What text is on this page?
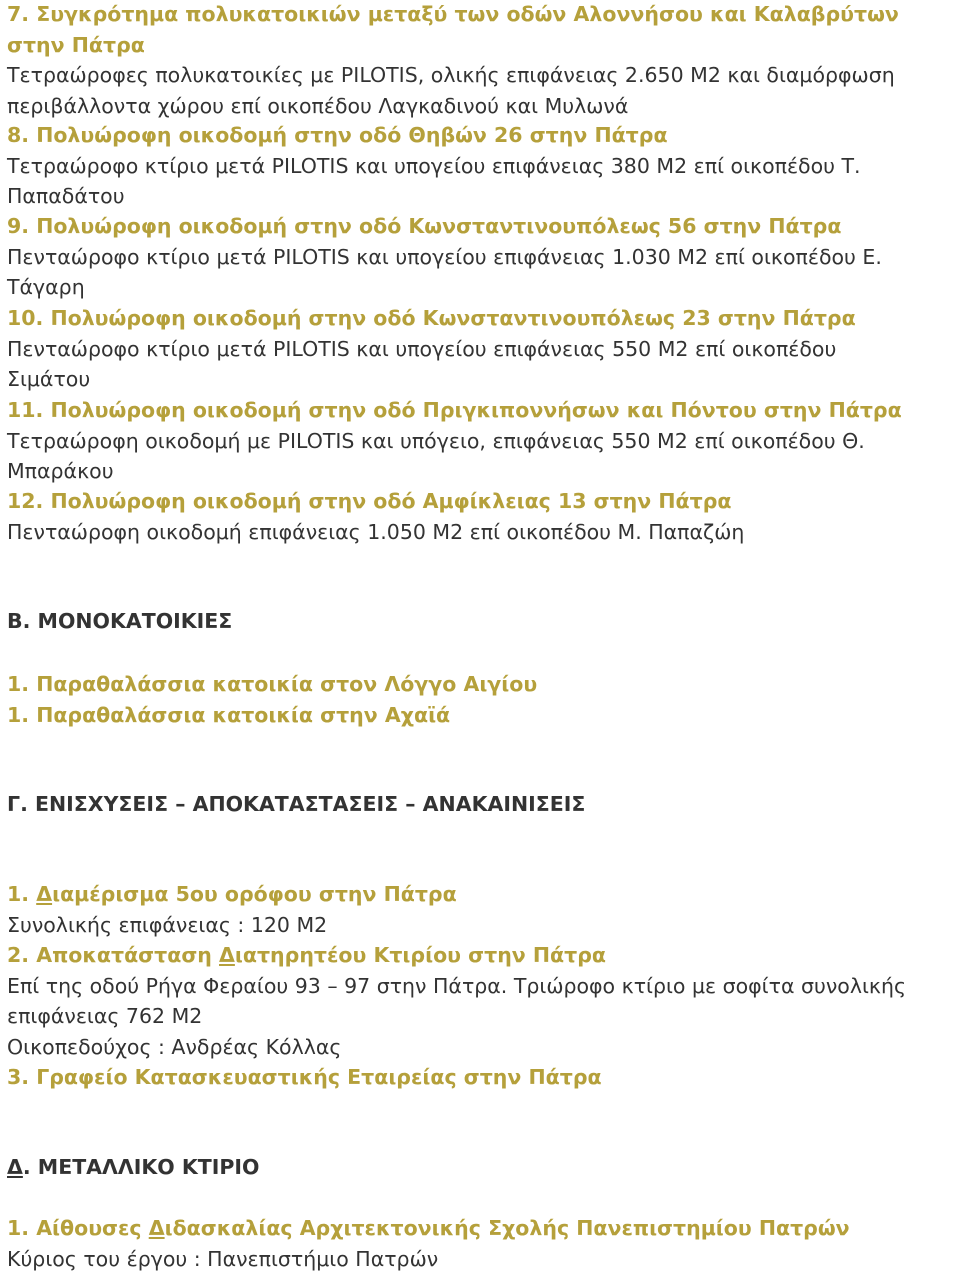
7. Συγκρότημα πολυκατοικιών μεταξύ των οδών Αλοννήσου και Καλαβρύτων
στην Πάτρα
Τετραώροφες πολυκατοικίες με PILOTIS, ολικής επιφάνειας 2.650 Μ2 και διαμόρφωση
περιβάλλοντα χώρου επί οικοπέδου Λαγκαδινού και Μυλωνά
8. Πολυώροφη οικοδομή στην οδό Θηβών 26 στην Πάτρα
Τετραώροφο κτίριο μετά PILOTIS και υπογείου επιφάνειας 380 Μ2 επί οικοπέδου Τ.
Παπαδάτου
9. Πολυώροφη οικοδομή στην οδό Κωνσταντινουπόλεως 56 στην Πάτρα
Πενταώροφο κτίριο μετά PILOTIS και υπογείου επιφάνειας 1.030 Μ2 επί οικοπέδου Ε.
Τάγαρη
10. Πολυώροφη οικοδομή στην οδό Κωνσταντινουπόλεως 23 στην Πάτρα
Πενταώροφο κτίριο μετά PILOTIS και υπογείου επιφάνειας 550 Μ2 επί οικοπέδου
Σιμάτου
11. Πολυώροφη οικοδομή στην οδό Πριγκιποννήσων και Πόντου στην Πάτρα
Τετραώροφη οικοδομή με PILOTIS και υπόγειο, επιφάνειας 550 Μ2 επί οικοπέδου Θ.
Μπαράκου
12. Πολυώροφη οικοδομή στην οδό Αμφίκλειας 13 στην Πάτρα
Πενταώροφη οικοδομή επιφάνειας 1.050 Μ2 επί οικοπέδου Μ. Παπαζώη
Β. ΜΟΝΟΚΑΤΟΙΚΙΕΣ
1. Παραθαλάσσια κατοικία στον Λόγγο Αιγίου
1. Παραθαλάσσια κατοικία στην Αχαϊά
Γ. ΕΝΙΣΧΥΣΕΙΣ – ΑΠΟΚΑΤΑΣΤΑΣΕΙΣ – ΑΝΑΚΑΙΝΙΣΕΙΣ
1. Διαμέρισμα 5ου ορόφου στην Πάτρα
Συνολικής επιφάνειας : 120 Μ2
2. Αποκατάσταση Διατηρητέου Κτιρίου στην Πάτρα
Επί της οδού Ρήγα Φεραίου 93 – 97 στην Πάτρα. Τριώροφο κτίριο με σοφίτα συνολικής
επιφάνειας 762 Μ2
Οικοπεδούχος : Ανδρέας Κόλλας
3. Γραφείο Κατασκευαστικής Εταιρείας στην Πάτρα
Δ. ΜΕΤΑΛΛΙΚΟ ΚΤΙΡΙΟ
1. Αίθουσες Διδασκαλίας Αρχιτεκτονικής Σχολής Πανεπιστημίου Πατρών
Κύριος του έργου : Πανεπιστήμιο Πατρών
